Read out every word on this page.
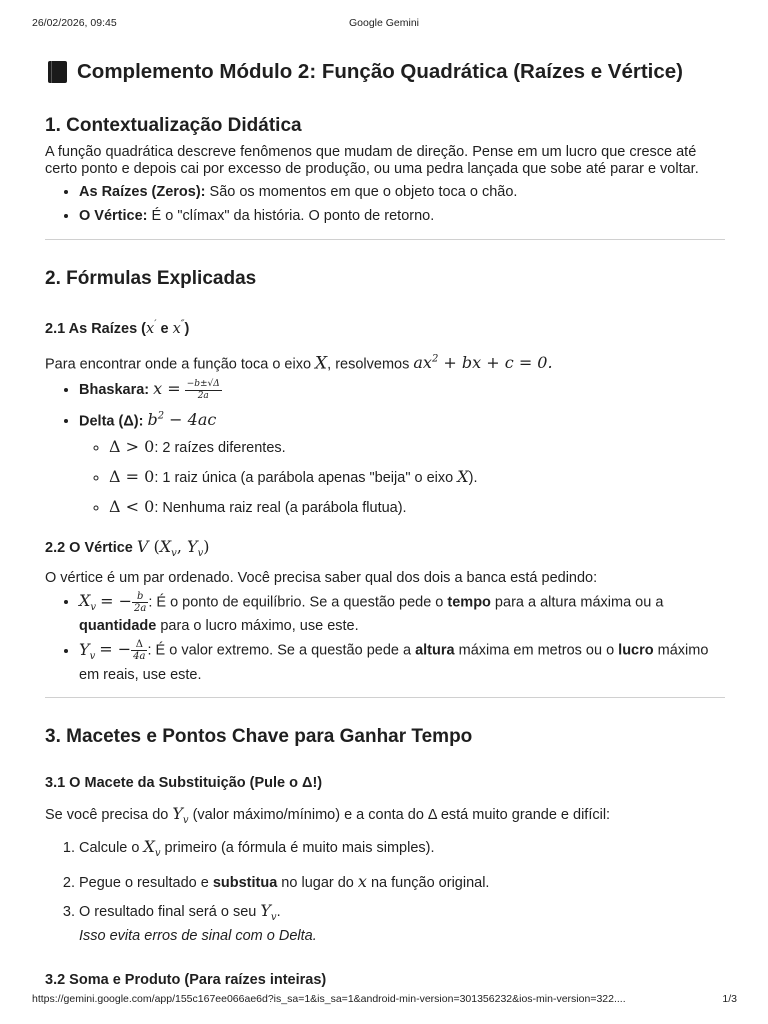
26/02/2026, 09:45	Google Gemini
Complemento Módulo 2: Função Quadrática (Raízes e Vértice)
1. Contextualização Didática

A função quadrática descreve fenômenos que mudam de direção. Pense em um lucro que cresce até certo ponto e depois cai por excesso de produção, ou uma pedra lançada que sobe até parar e voltar.

• As Raízes (Zeros): São os momentos em que o objeto toca o chão.
• O Vértice: É o "clímax" da história. O ponto de retorno.
2. Fórmulas Explicadas
2.1 As Raízes (x′ e x″)

Para encontrar onde a função toca o eixo X, resolvemos $ax^2$ + bx + c = 0.

• Bhaskara: $x = \frac{-b\pm√\Delta}{2a}$
• Delta (Δ): $b^2 - 4ac$
◦ Δ > 0: 2 raízes diferentes.
◦ Δ = 0: 1 raiz única (a parábola apenas "beija" o eixo X).
◦ Δ < 0: Nenhuma raiz real (a parábola flutua).
2.2 O Vértice V ($X_v$, $Y_v$)

O vértice é um par ordenado. Você precisa saber qual dos dois a banca está pedindo:

• $X_v$ = − $\frac{b}{2a}$ : É o ponto de equilíbrio. Se a questão pede o tempo para a altura máxima ou a quantidade para o lucro máximo, use este.
• $Y_v$ = − $\frac{\Delta}{4a}$ : É o valor extremo. Se a questão pede a altura máxima em metros ou o lucro máximo em reais, use este.
3. Macetes e Pontos Chave para Ganhar Tempo
3.1 O Macete da Substituição (Pule o Δ!)

Se você precisa do $Y_v$ (valor máximo/mínimo) e a conta do Δ está muito grande e difícil:

1. Calcule o $X_v$ primeiro (a fórmula é muito mais simples).
2. Pegue o resultado e substitua no lugar do x na função original.
3. O resultado final será o seu $Y_v$.
Isso evita erros de sinal com o Delta.
3.2 Soma e Produto (Para raízes inteiras)
https://gemini.google.com/app/155c167ee066ae6d?is_sa=1&is_sa=1&android-min-version=301356232&ios-min-version=322....	1/3
